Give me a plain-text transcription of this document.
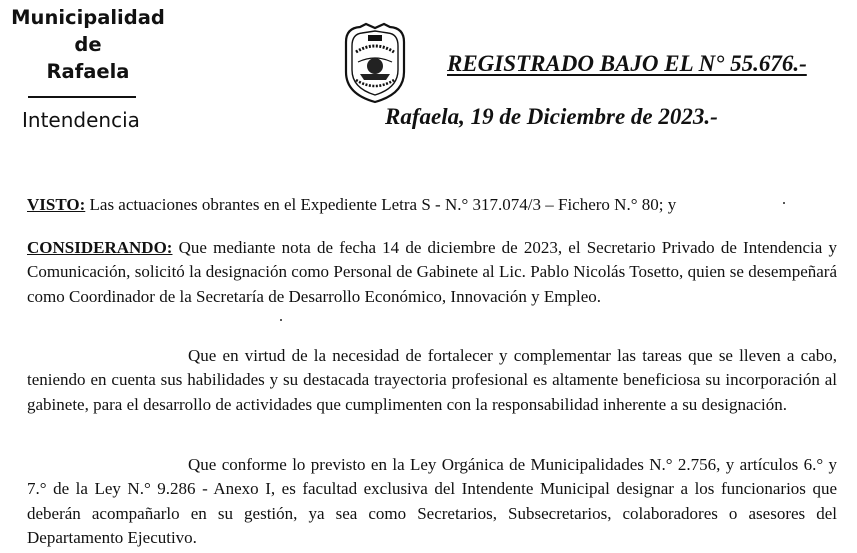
Municipalidad
de
Rafaela
Intendencia
REGISTRADO BAJO EL N° 55.676.-
Rafaela, 19 de Diciembre de 2023.-

VISTO: Las actuaciones obrantes en el Expediente Letra S - N.° 317.074/3 – Fichero N.° 80; y

CONSIDERANDO: Que mediante nota de fecha 14 de diciembre de 2023, el Secretario Privado de Intendencia y Comunicación, solicitó la designación como Personal de Gabinete al Lic. Pablo Nicolás Tosetto, quien se desempeñará como Coordinador de la Secretaría de Desarrollo Económico, Innovación y Empleo.

Que en virtud de la necesidad de fortalecer y complementar las tareas que se lleven a cabo, teniendo en cuenta sus habilidades y su destacada trayectoria profesional es altamente beneficiosa su incorporación al gabinete, para el desarrollo de actividades que cumplimenten con la responsabilidad inherente a su designación.

Que conforme lo previsto en la Ley Orgánica de Municipalidades N.° 2.756, y artículos 6.° y 7.° de la Ley N.° 9.286 - Anexo I, es facultad exclusiva del Intendente Municipal designar a los funcionarios que deberán acompañarlo en su gestión, ya sea como Secretarios, Subsecretarios, colaboradores o asesores del Departamento Ejecutivo.
